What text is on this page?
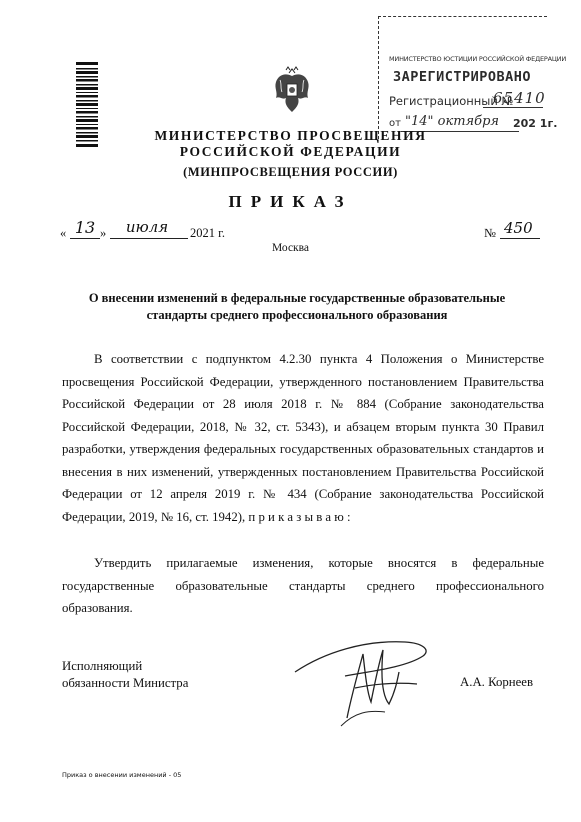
МИНИСТЕРСТВО ЮСТИЦИИ РОССИЙСКОЙ ФЕДЕРАЦИИ
ЗАРЕГИСТРИРОВАНО
Регистрационный №
65410
от "14" октября 202 1г.
МИНИСТЕРСТВО ПРОСВЕЩЕНИЯ
РОССИЙСКОЙ ФЕДЕРАЦИИ
(МИНПРОСВЕЩЕНИЯ РОССИИ)
ПРИКАЗ
« 13 »	июля	2021 г.	№ 450
Москва
О внесении изменений в федеральные государственные образовательные стандарты среднего профессионального образования

В соответствии с подпунктом 4.2.30 пункта 4 Положения о Министерстве просвещения Российской Федерации, утвержденного постановлением Правительства Российской Федерации от 28 июля 2018 г. № 884 (Собрание законодательства Российской Федерации, 2018, № 32, ст. 5343), и абзацем вторым пункта 30 Правил разработки, утверждения федеральных государственных образовательных стандартов и внесения в них изменений, утвержденных постановлением Правительства Российской Федерации от 12 апреля 2019 г. № 434 (Собрание законодательства Российской Федерации, 2019, № 16, ст. 1942), приказываю:

Утвердить прилагаемые изменения, которые вносятся в федеральные государственные образовательные стандарты среднего профессионального образования.

Исполняющий
обязанности Министра	А.А. Корнеев
Приказ о внесении изменений - 05
